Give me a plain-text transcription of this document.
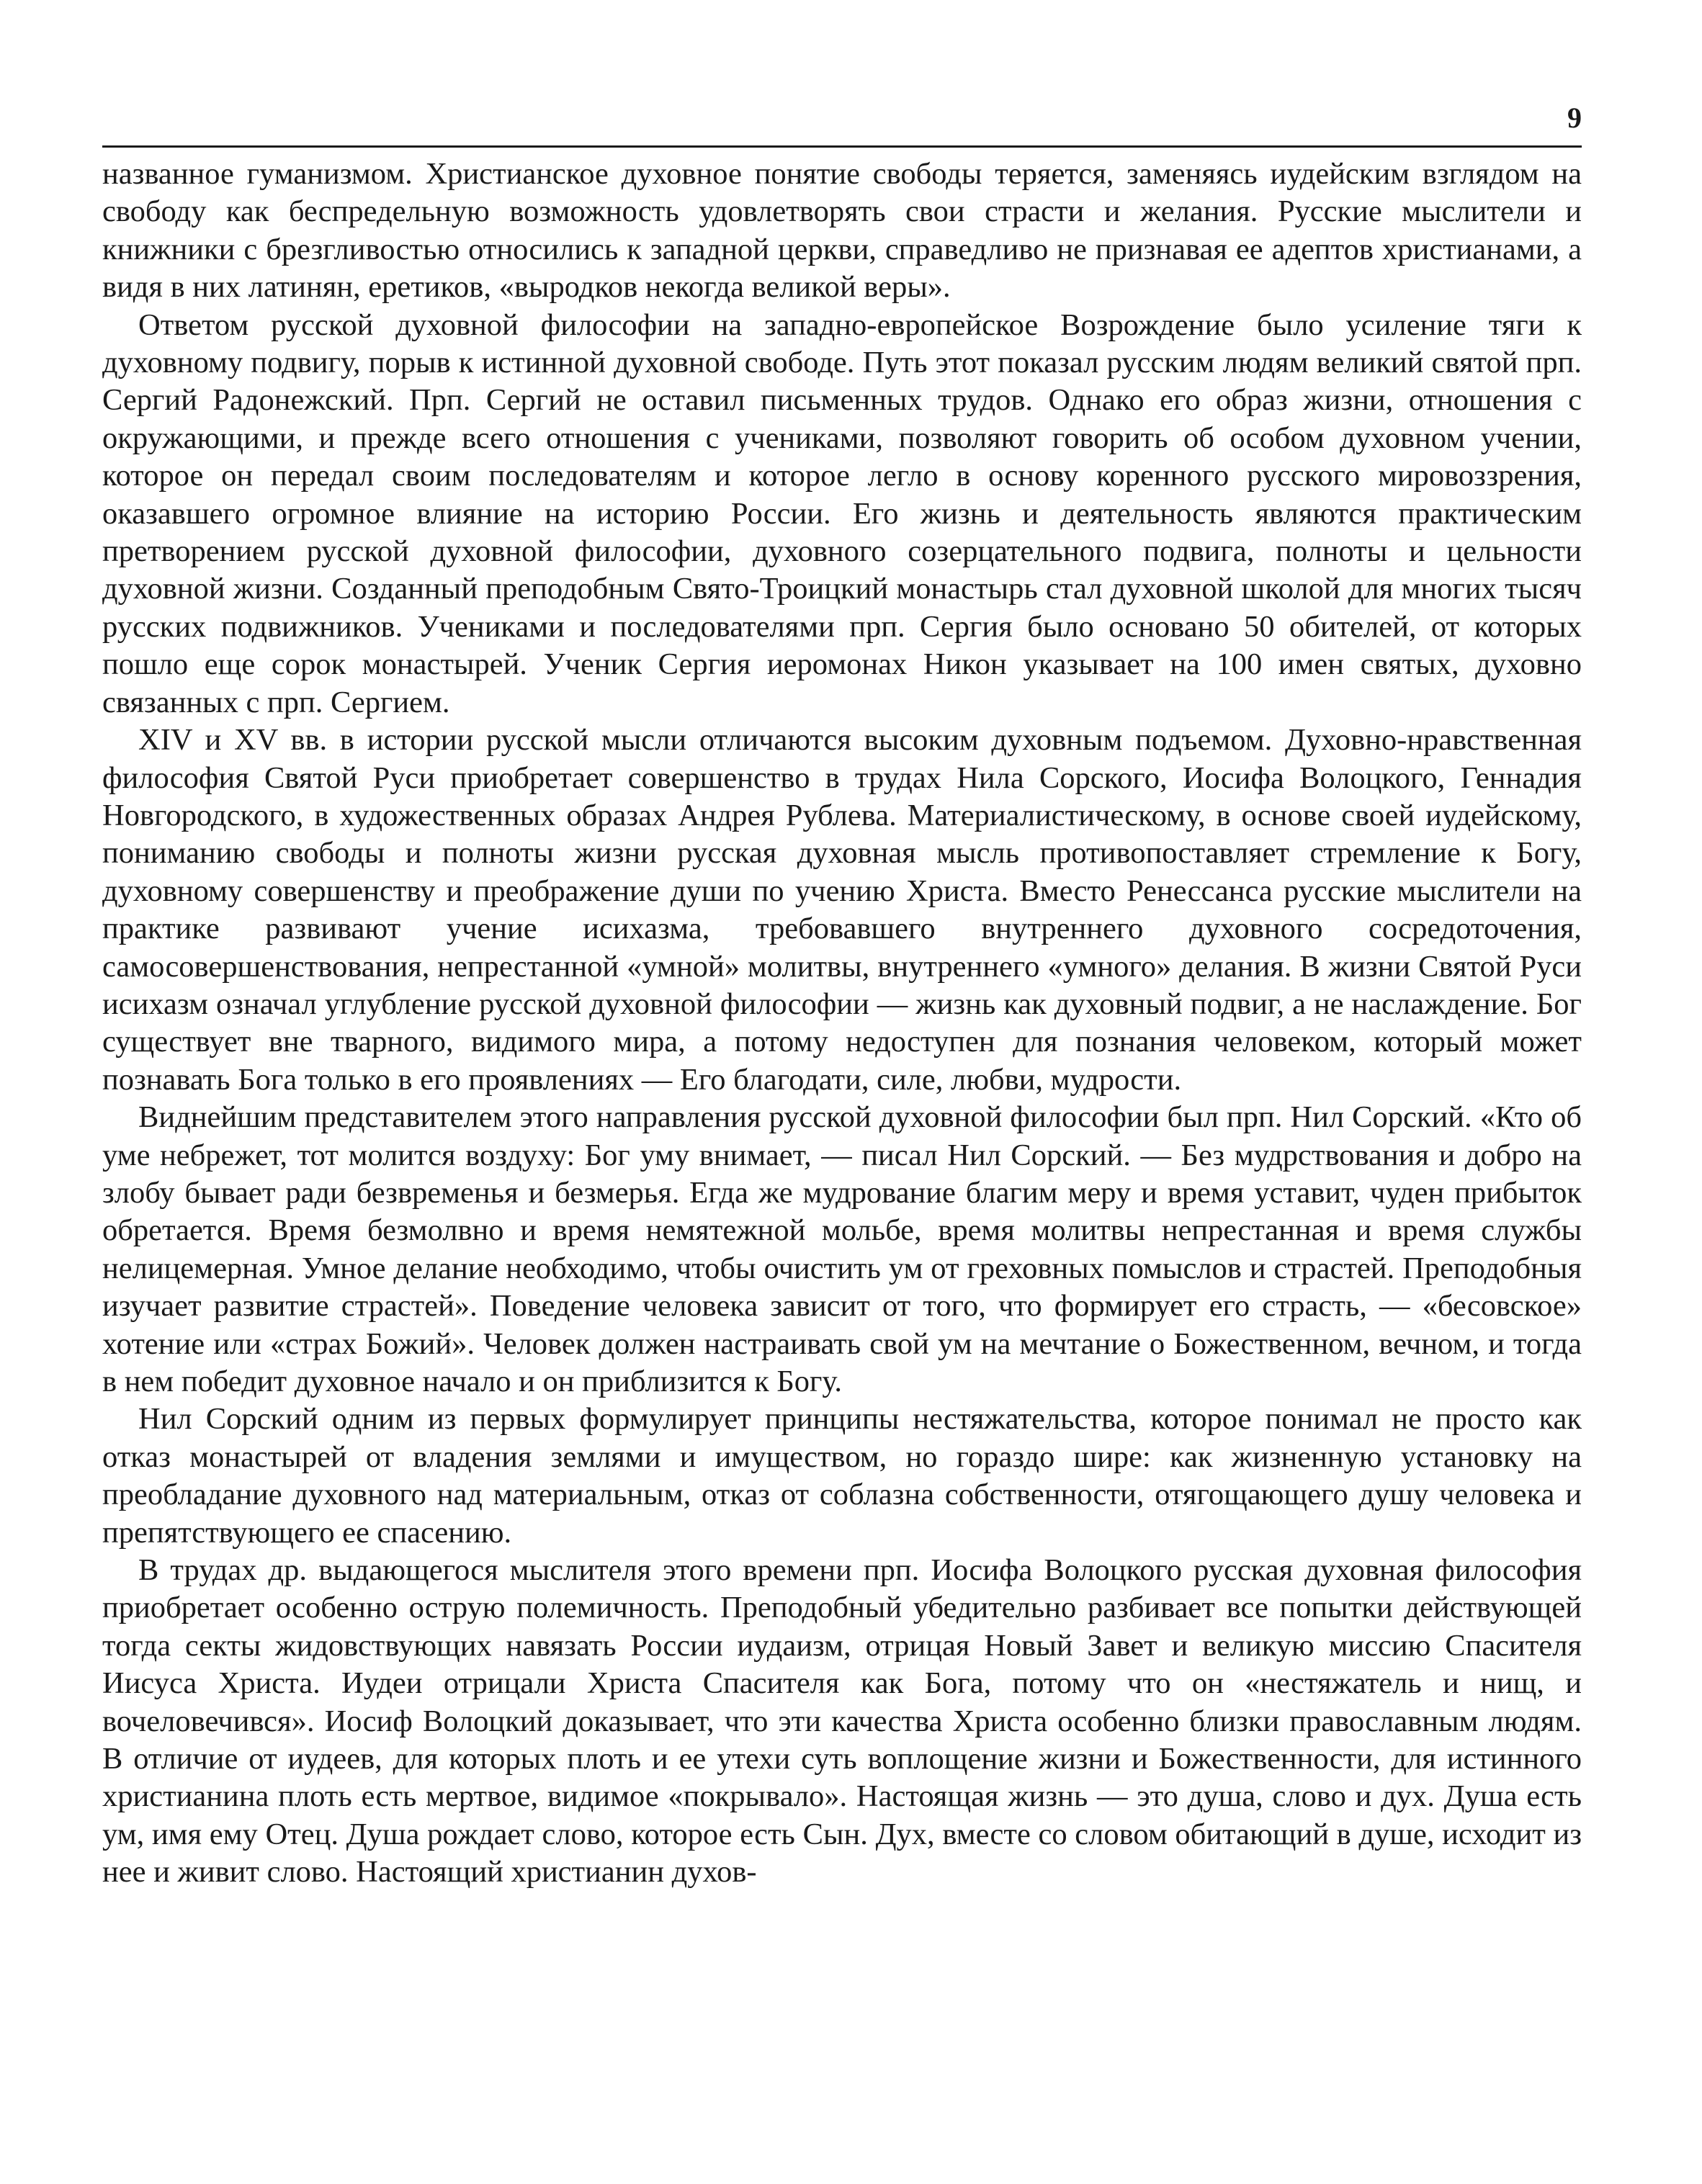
9

названное гуманизмом. Христианское духовное понятие свободы теряется, заменяясь иудейским взглядом на свободу как беспредельную возможность удовлетворять свои страсти и желания. Русские мыслители и книжники с брезгливостью относились к западной церкви, справедливо не признавая ее адептов христианами, а видя в них латинян, еретиков, «выродков некогда великой веры».

Ответом русской духовной философии на западно-европейское Возрождение было усиление тяги к духовному подвигу, порыв к истинной духовной свободе. Путь этот показал русским людям великий святой прп. Сергий Радонежский. Прп. Сергий не оставил письменных трудов. Однако его образ жизни, отношения с окружающими, и прежде всего отношения с учениками, позволяют говорить об особом духовном учении, которое он передал своим последователям и которое легло в основу коренного русского мировоззрения, оказавшего огромное влияние на историю России. Его жизнь и деятельность являются практическим претворением русской духовной философии, духовного созерцательного подвига, полноты и цельности духовной жизни. Созданный преподобным Свято-Троицкий монастырь стал духовной школой для многих тысяч русских подвижников. Учениками и последователями прп. Сергия было основано 50 обителей, от которых пошло еще сорок монастырей. Ученик Сергия иеромонах Никон указывает на 100 имен святых, духовно связанных с прп. Сергием.

XIV и XV вв. в истории русской мысли отличаются высоким духовным подъемом. Духовно-нравственная философия Святой Руси приобретает совершенство в трудах Нила Сорского, Иосифа Волоцкого, Геннадия Новгородского, в художественных образах Андрея Рублева. Материалистическому, в основе своей иудейскому, пониманию свободы и полноты жизни русская духовная мысль противопоставляет стремление к Богу, духовному совершенству и преображение души по учению Христа. Вместо Ренессанса русские мыслители на практике развивают учение исихазма, требовавшего внутреннего духовного сосредоточения, самосовершенствования, непрестанной «умной» молитвы, внутреннего «умного» делания. В жизни Святой Руси исихазм означал углубление русской духовной философии — жизнь как духовный подвиг, а не наслаждение. Бог существует вне тварного, видимого мира, а потому недоступен для познания человеком, который может познавать Бога только в его проявлениях — Его благодати, силе, любви, мудрости.

Виднейшим представителем этого направления русской духовной философии был прп. Нил Сорский. «Кто об уме небрежет, тот молится воздуху: Бог уму внимает, — писал Нил Сорский. — Без мудрствования и добро на злобу бывает ради безвременья и безмерья. Егда же мудрование благим меру и время уставит, чуден прибыток обретается. Время безмолвно и время немятежной мольбе, время молитвы непрестанная и время службы нелицемерная. Умное делание необходимо, чтобы очистить ум от греховных помыслов и страстей. Преподобныя изучает развитие страстей». Поведение человека зависит от того, что формирует его страсть, — «бесовское» хотение или «страх Божий». Человек должен настраивать свой ум на мечтание о Божественном, вечном, и тогда в нем победит духовное начало и он приблизится к Богу.

Нил Сорский одним из первых формулирует принципы нестяжательства, которое понимал не просто как отказ монастырей от владения землями и имуществом, но гораздо шире: как жизненную установку на преобладание духовного над материальным, отказ от соблазна собственности, отягощающего душу человека и препятствующего ее спасению.

В трудах др. выдающегося мыслителя этого времени прп. Иосифа Волоцкого русская духовная философия приобретает особенно острую полемичность. Преподобный убедительно разбивает все попытки действующей тогда секты жидовствующих навязать России иудаизм, отрицая Новый Завет и великую миссию Спасителя Иисуса Христа. Иудеи отрицали Христа Спасителя как Бога, потому что он «нестяжатель и нищ, и вочеловечився». Иосиф Волоцкий доказывает, что эти качества Христа особенно близки православным людям. В отличие от иудеев, для которых плоть и ее утехи суть воплощение жизни и Божественности, для истинного христианина плоть есть мертвое, видимое «покрывало». Настоящая жизнь — это душа, слово и дух. Душа есть ум, имя ему Отец. Душа рождает слово, которое есть Сын. Дух, вместе со словом обитающий в душе, исходит из нее и живит слово. Настоящий христианин духов-
